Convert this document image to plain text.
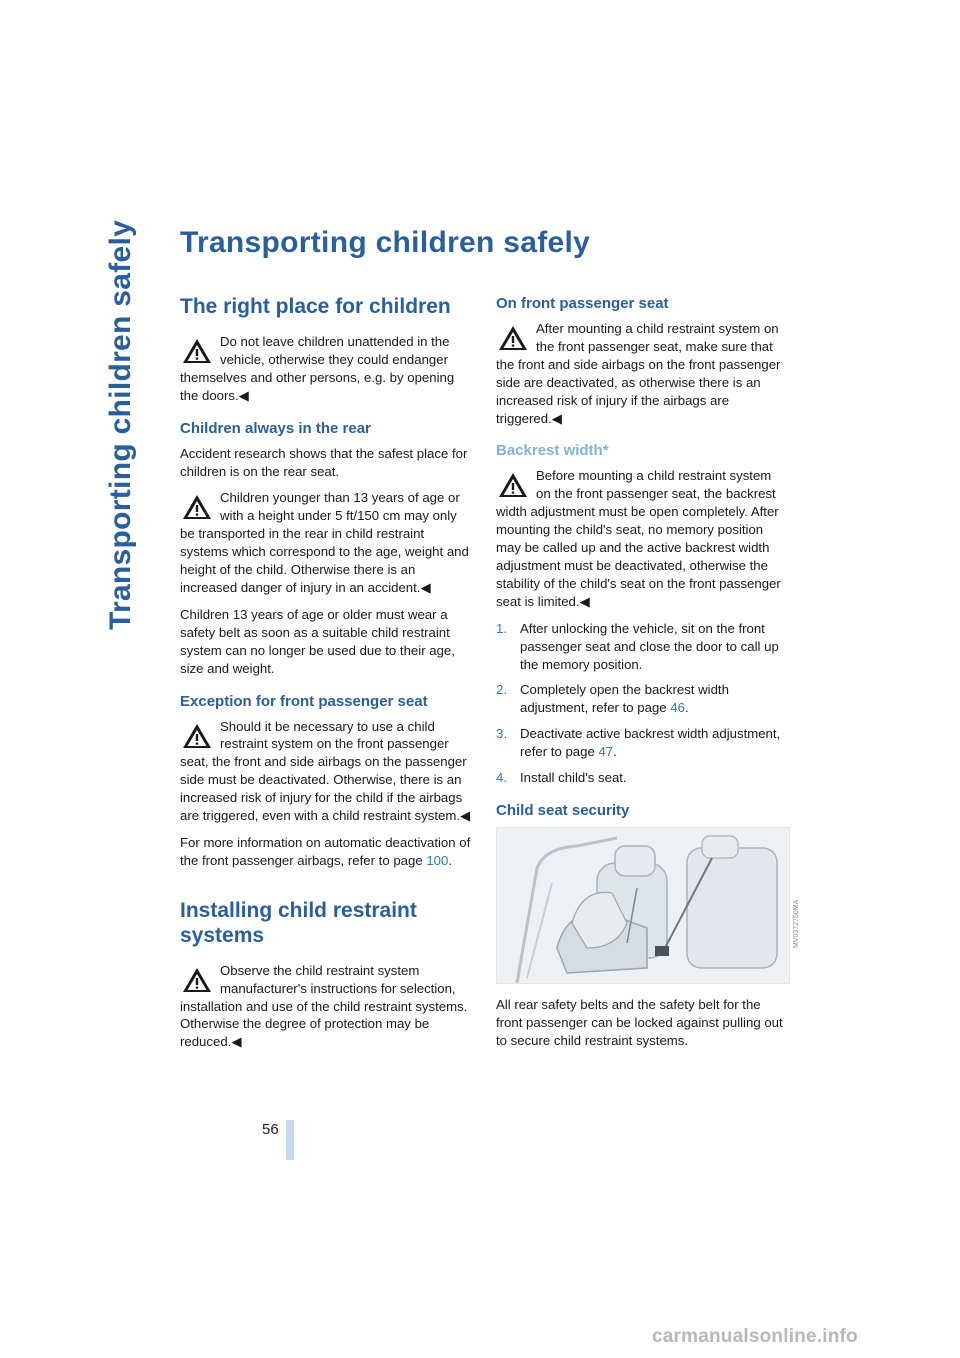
Transporting children safely Transporting children safely
The right place for children

Do not leave children unattended in the vehicle, otherwise they could endanger themselves and other persons, e.g. by opening the doors.◀

Children always in the rear

Accident research shows that the safest place for children is on the rear seat.

Children younger than 13 years of age or with a height under 5 ft/150 cm may only be transported in the rear in child restraint systems which correspond to the age, weight and height of the child. Otherwise there is an increased danger of injury in an accident.◀

Children 13 years of age or older must wear a safety belt as soon as a suitable child restraint system can no longer be used due to their age, size and weight.

Exception for front passenger seat

Should it be necessary to use a child restraint system on the front passenger seat, the front and side airbags on the passenger side must be deactivated. Otherwise, there is an increased risk of injury for the child if the airbags are triggered, even with a child restraint system.◀

For more information on automatic deactivation of the front passenger airbags, refer to page 100.

Installing child restraint systems

Observe the child restraint system manufacturer's instructions for selection, installation and use of the child restraint systems. Otherwise the degree of protection may be reduced.◀

On front passenger seat

After mounting a child restraint system on the front passenger seat, make sure that the front and side airbags on the front passenger side are deactivated, as otherwise there is an increased risk of injury if the airbags are triggered.◀

Backrest width*

Before mounting a child restraint system on the front passenger seat, the backrest width adjustment must be open completely. After mounting the child's seat, no memory position may be called up and the active backrest width adjustment must be deactivated, otherwise the stability of the child's seat on the front passenger seat is limited.◀

1. After unlocking the vehicle, sit on the front passenger seat and close the door to call up the memory position.
2. Completely open the backrest width adjustment, refer to page 46.
3. Deactivate active backrest width adjustment, refer to page 47.
4. Install child's seat.
Child seat security
MV0372750MA

All rear safety belts and the safety belt for the front passenger can be locked against pulling out to secure child restraint systems.

56
carmanualsonline.info
